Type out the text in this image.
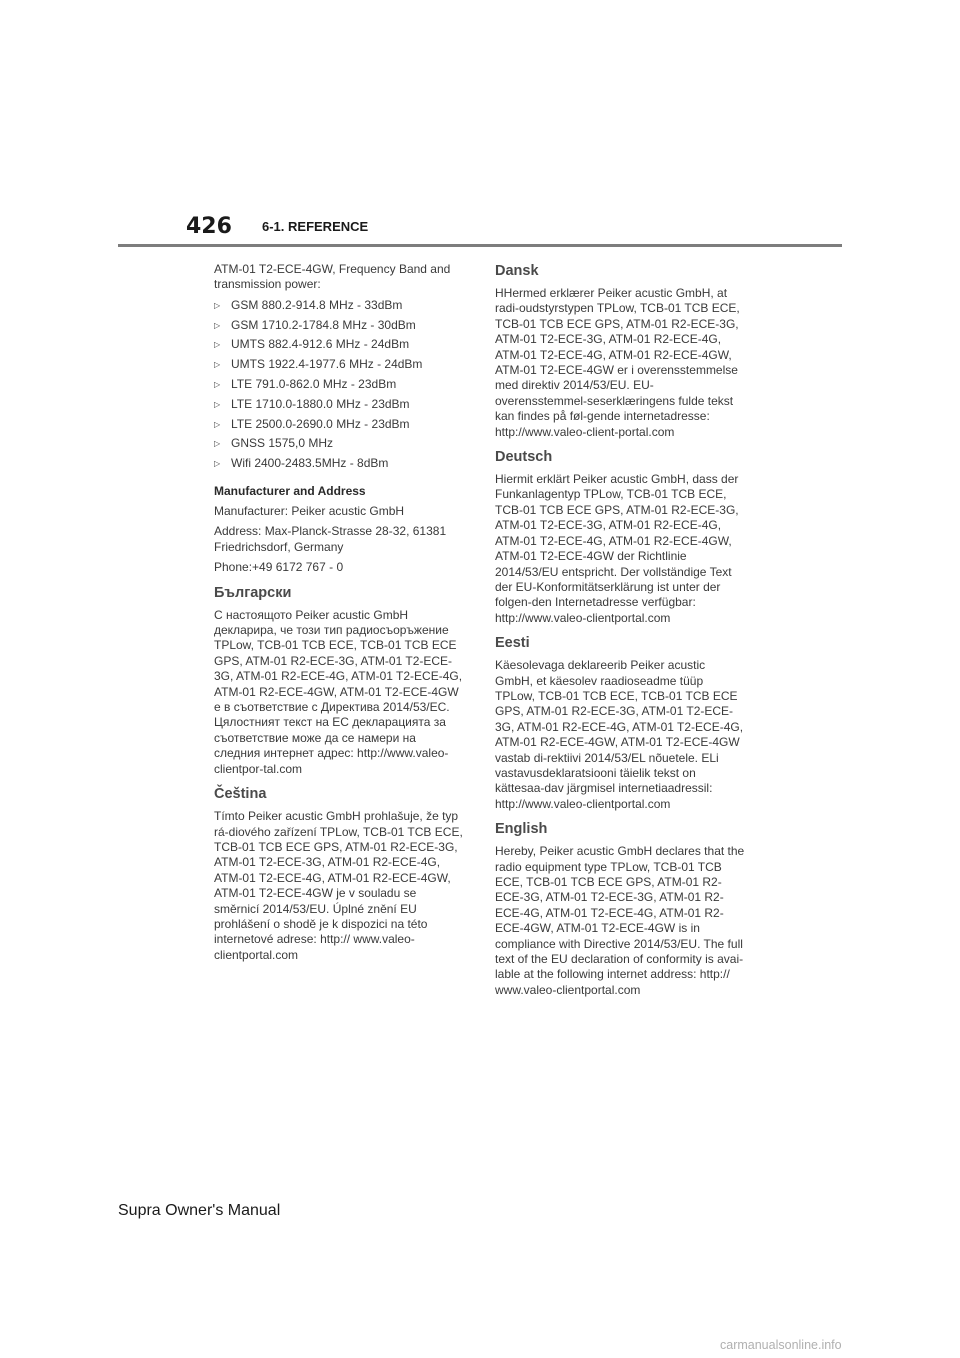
426 6-1. REFERENCE

ATM-01 T2-ECE-4GW, Frequency Band and transmission power:

▷ GSM 880.2-914.8 MHz - 33dBm
▷ GSM 1710.2-1784.8 MHz - 30dBm
▷ UMTS 882.4-912.6 MHz - 24dBm
▷ UMTS 1922.4-1977.6 MHz - 24dBm
▷ LTE 791.0-862.0 MHz - 23dBm
▷ LTE 1710.0-1880.0 MHz - 23dBm
▷ LTE 2500.0-2690.0 MHz - 23dBm
▷ GNSS 1575,0 MHz
▷ Wifi 2400-2483.5MHz - 8dBm

Manufacturer and Address

Manufacturer: Peiker acustic GmbH

Address: Max-Planck-Strasse 28-32, 61381 Friedrichsdorf, Germany

Phone:+49 6172 767 - 0

Български

С настоящото Peiker acustic GmbH декларира, че този тип радиосъоръжение TPLow, TCB-01 TCB ECE, TCB-01 TCB ECE GPS, ATM-01 R2-ECE-3G, ATM-01 T2-ECE-3G, ATM-01 R2-ECE-4G, ATM-01 T2-ECE-4G, ATM-01 R2-ECE-4GW, ATM-01 T2-ECE-4GW е в съответствие с Директива 2014/53/ЕС. Цялостният текст на ЕС декларацията за съответствие може да се намери на следния интернет адрес: http://www.valeo-clientpor-tal.com

Čeština

Tímto Peiker acustic GmbH prohlašuje, že typ rá-diového zařízení TPLow, TCB-01 TCB ECE, TCB-01 TCB ECE GPS, ATM-01 R2-ECE-3G, ATM-01 T2-ECE-3G, ATM-01 R2-ECE-4G, ATM-01 T2-ECE-4G, ATM-01 R2-ECE-4GW, ATM-01 T2-ECE-4GW je v souladu se směrnicí 2014/53/EU. Úplné znění EU prohlášení o shodě je k dispozici na této internetové adrese: http:// www.valeo-clientportal.com

Dansk

HHermed erklærer Peiker acustic GmbH, at radi-oudstyrstypen TPLow, TCB-01 TCB ECE, TCB-01 TCB ECE GPS, ATM-01 R2-ECE-3G, ATM-01 T2-ECE-3G, ATM-01 R2-ECE-4G, ATM-01 T2-ECE-4G, ATM-01 R2-ECE-4GW, ATM-01 T2-ECE-4GW er i overensstemmelse med direktiv 2014/53/EU. EU-overensstemmel-seserklæringens fulde tekst kan findes på føl-gende internetadresse: http://www.valeo-client-portal.com

Deutsch

Hiermit erklärt Peiker acustic GmbH, dass der Funkanlagentyp TPLow, TCB-01 TCB ECE, TCB-01 TCB ECE GPS, ATM-01 R2-ECE-3G, ATM-01 T2-ECE-3G, ATM-01 R2-ECE-4G, ATM-01 T2-ECE-4G, ATM-01 R2-ECE-4GW, ATM-01 T2-ECE-4GW der Richtlinie 2014/53/EU entspricht. Der vollständige Text der EU-Konformitätserklärung ist unter der folgen-den Internetadresse verfügbar: http://www.valeo-clientportal.com

Eesti

Käesolevaga deklareerib Peiker acustic GmbH, et käesolev raadioseadme tüüp TPLow, TCB-01 TCB ECE, TCB-01 TCB ECE GPS, ATM-01 R2-ECE-3G, ATM-01 T2-ECE-3G, ATM-01 R2-ECE-4G, ATM-01 T2-ECE-4G, ATM-01 R2-ECE-4GW, ATM-01 T2-ECE-4GW vastab di-rektiivi 2014/53/EL nõuetele. ELi vastavusdeklaratsiooni täielik tekst on kättesaa-dav järgmisel internetiaadressil: http://www.valeo-clientportal.com

English

Hereby, Peiker acustic GmbH declares that the radio equipment type TPLow, TCB-01 TCB ECE, TCB-01 TCB ECE GPS, ATM-01 R2-ECE-3G, ATM-01 T2-ECE-3G, ATM-01 R2-ECE-4G, ATM-01 T2-ECE-4G, ATM-01 R2-ECE-4GW, ATM-01 T2-ECE-4GW is in compliance with Directive 2014/53/EU. The full text of the EU declaration of conformity is avai-lable at the following internet address: http:// www.valeo-clientportal.com

Supra Owner's Manual
carmanualsonline.info
